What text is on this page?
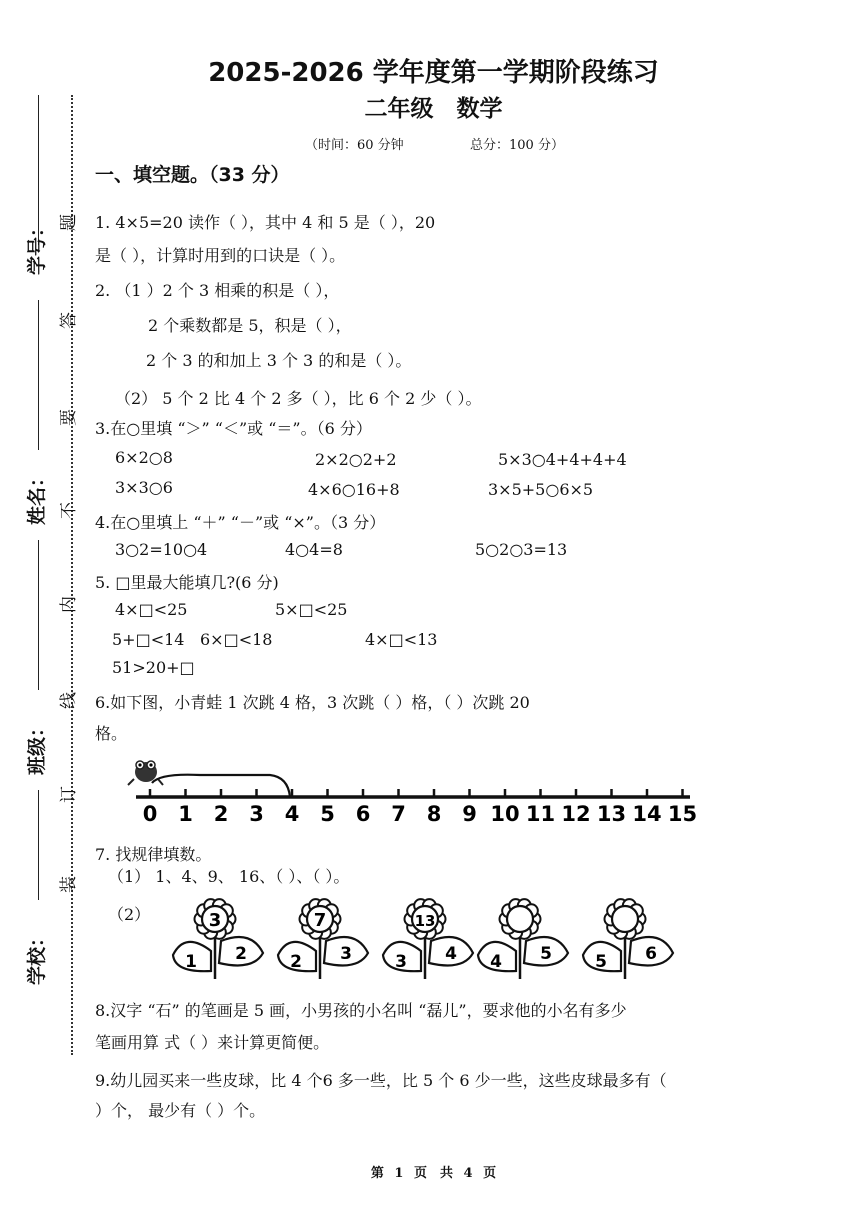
学号：
姓名：
班级：
学校：
题
答
要
不
内
线
订
装
2025-2026 学年度第一学期阶段练习
二年级　数学
（时间：60 分钟	总分：100 分）
一、填空题。（33 分）
1. 4×5=20 读作（ ），其中 4 和 5 是（ ），20
是（ ），计算时用到的口诀是（ ）。
2. （1 ）2 个 3 相乘的积是（ ），
2 个乘数都是 5，积是（ ），
2 个 3 的和加上 3 个 3 的和是（ ）。
（2） 5 个 2 比 4 个 2 多（ ），比 6 个 2 少（ ）。
3.在○里填 “＞” “＜”或 “＝”。（6 分）
6×2○8	2×2○2+2	5×3○4+4+4+4
3×3○6	4×6○16+8	3×5+5○6×5
4.在○里填上 “＋” “－”或 “×”。（3 分）
3○2=10○4	4○4=8	5○2○3=13
5. □里最大能填几?(6 分)
4×□<25	5×□<25
5+□<14 6×□<18	4×□<13
51>20+□
6.如下图，小青蛙 1 次跳 4 格，3 次跳（ ）格，（ ）次跳 20
格。
0 1 2 3 4 5 6 7 8 9 10 11 12 13 14 15
7. 找规律填数。
（1） 1、4、9、 16、（ ）、（ ）。
（2）	3
1 2
7
2 3
13
3 4 4 5	5 6
8.汉字 “石” 的笔画是 5 画，小男孩的小名叫 “磊儿”，要求他的小名有多少
笔画用算 式（ ）来计算更简便。
9.幼儿园买来一些皮球，比 4 个6 多一些，比 5 个 6 少一些，这些皮球最多有（
）个， 最少有（ ）个。
第 1 页　共 4 页
